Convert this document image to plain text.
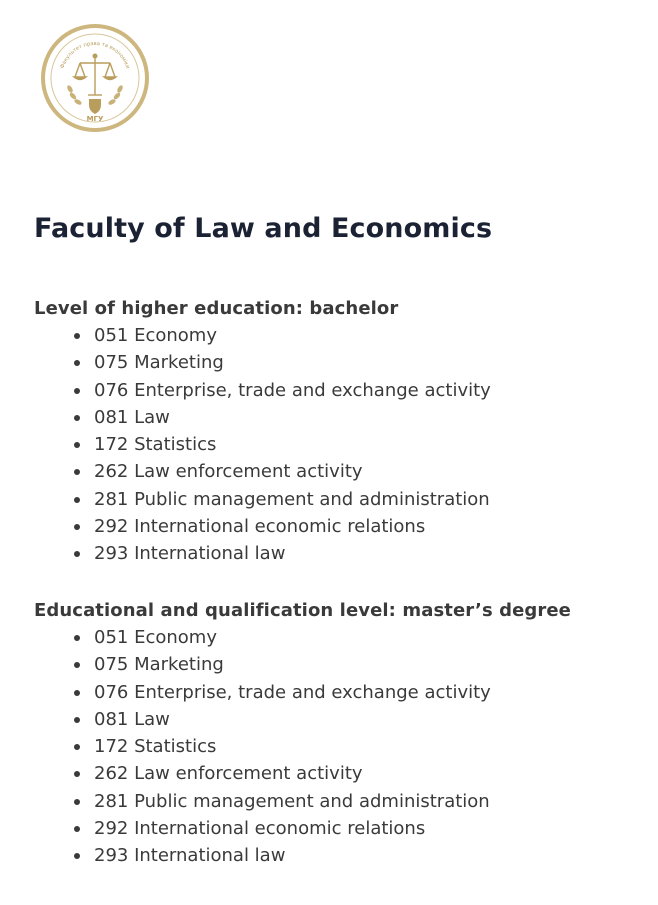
Факультет права та економіки
МГУ
Faculty of Law and Economics

Level of higher education: bachelor

051 Economy
075 Marketing
076 Enterprise, trade and exchange activity
081 Law
172 Statistics
262 Law enforcement activity
281 Public management and administration
292 International economic relations
293 International law

Educational and qualification level: master’s degree

051 Economy
075 Marketing
076 Enterprise, trade and exchange activity
081 Law
172 Statistics
262 Law enforcement activity
281 Public management and administration
292 International economic relations
293 International law
